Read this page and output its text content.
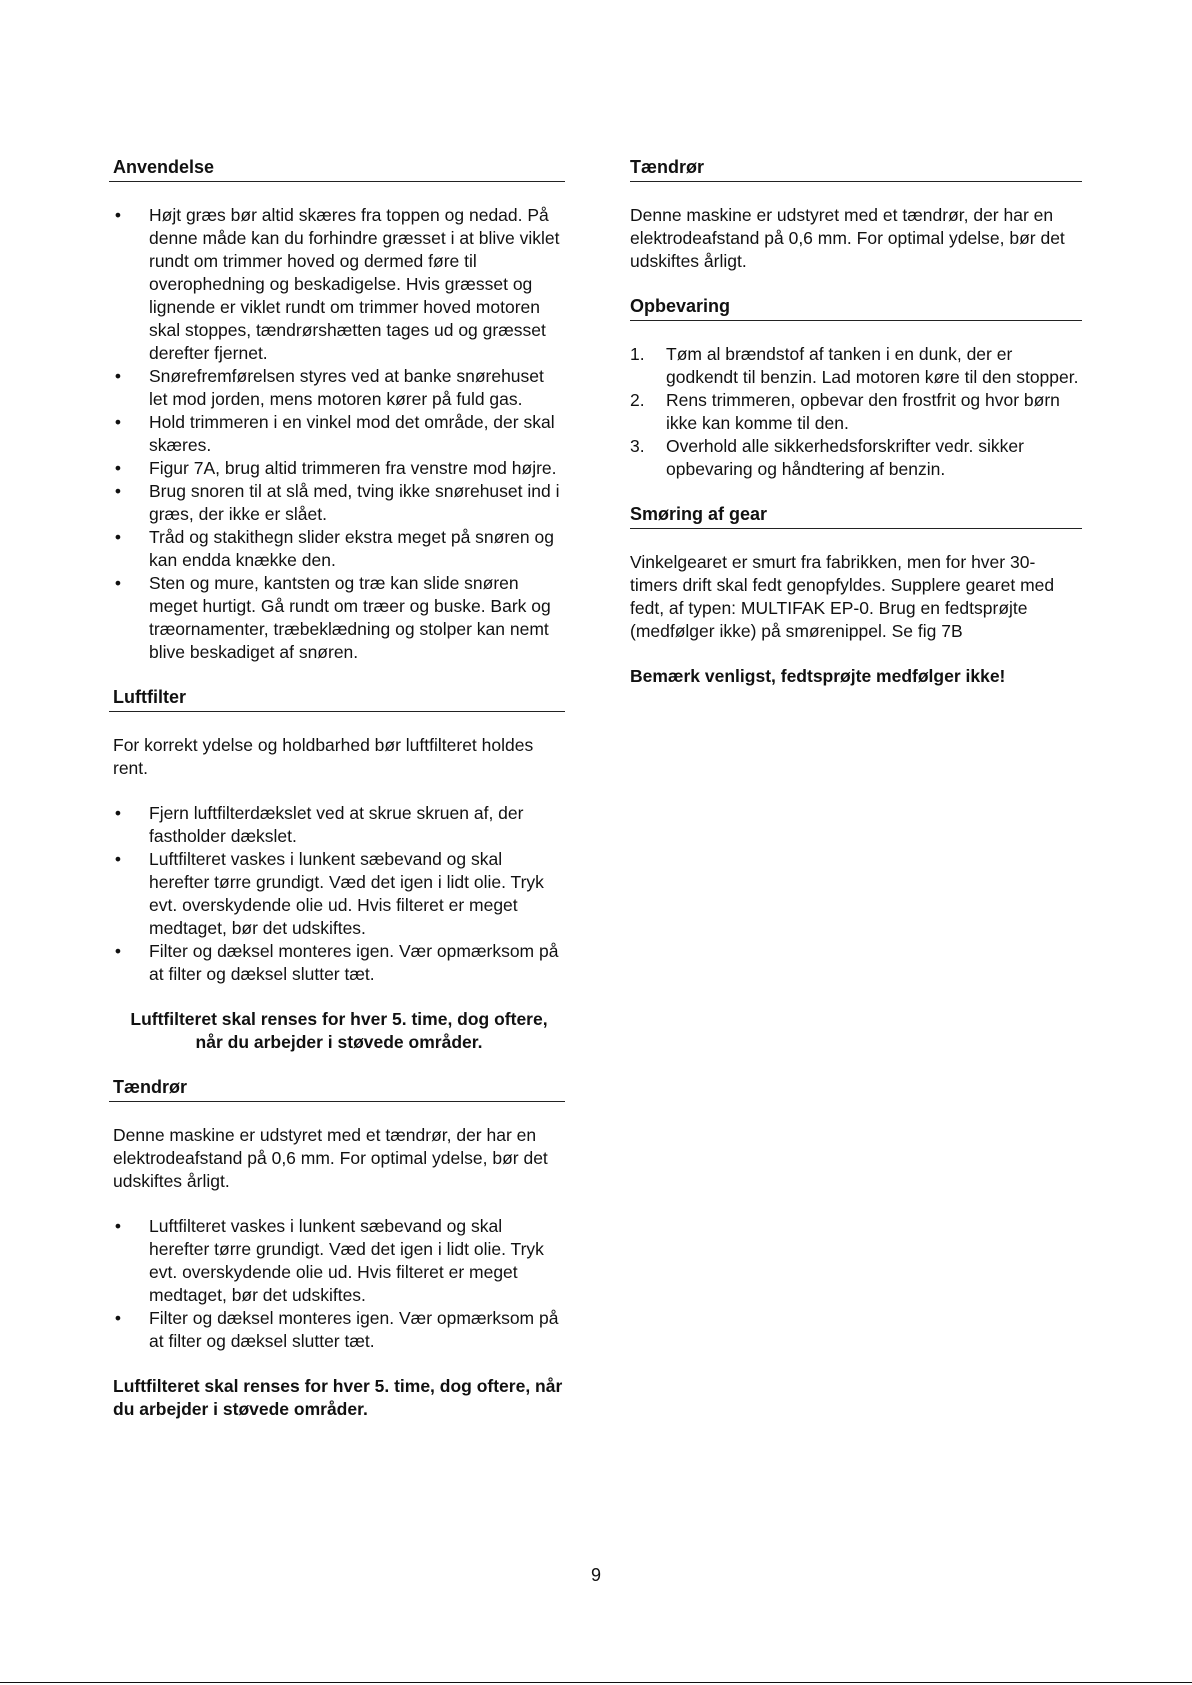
Anvendelse
• Højt græs bør altid skæres fra toppen og nedad. På denne måde kan du forhindre græsset i at blive viklet rundt om trimmer hoved og dermed føre til overophedning og beskadigelse. Hvis græsset og lignende er viklet rundt om trimmer hoved motoren skal stoppes, tændrørshætten tages ud og græsset derefter fjernet.
• Snørefremførelsen styres ved at banke snørehuset let mod jorden, mens motoren kører på fuld gas.
• Hold trimmeren i en vinkel mod det område, der skal skæres.
• Figur 7A, brug altid trimmeren fra venstre mod højre.
• Brug snoren til at slå med, tving ikke snørehuset ind i græs, der ikke er slået.
• Tråd og stakithegn slider ekstra meget på snøren og kan endda knække den.
• Sten og mure, kantsten og træ kan slide snøren meget hurtigt. Gå rundt om træer og buske. Bark og træornamenter, træbeklædning og stolper kan nemt blive beskadiget af snøren.
Luftfilter
For korrekt ydelse og holdbarhed bør luftfilteret holdes rent.
• Fjern luftfilterdækslet ved at skrue skruen af, der fastholder dækslet.
• Luftfilteret vaskes i lunkent sæbevand og skal herefter tørre grundigt. Væd det igen i lidt olie. Tryk evt. overskydende olie ud. Hvis filteret er meget medtaget, bør det udskiftes.
• Filter og dæksel monteres igen. Vær opmærksom på at filter og dæksel slutter tæt.
Luftfilteret skal renses for hver 5. time, dog oftere, når du arbejder i støvede områder.
Tændrør
Denne maskine er udstyret med et tændrør, der har en elektrodeafstand på 0,6 mm. For optimal ydelse, bør det udskiftes årligt.
• Luftfilteret vaskes i lunkent sæbevand og skal herefter tørre grundigt. Væd det igen i lidt olie. Tryk evt. overskydende olie ud. Hvis filteret er meget medtaget, bør det udskiftes.
• Filter og dæksel monteres igen. Vær opmærksom på at filter og dæksel slutter tæt.
Luftfilteret skal renses for hver 5. time, dog oftere, når du arbejder i støvede områder.
Tændrør
Denne maskine er udstyret med et tændrør, der har en elektrodeafstand på 0,6 mm. For optimal ydelse, bør det udskiftes årligt.
Opbevaring
1. Tøm al brændstof af tanken i en dunk, der er godkendt til benzin. Lad motoren køre til den stopper.
2. Rens trimmeren, opbevar den frostfrit og hvor børn ikke kan komme til den.
3. Overhold alle sikkerhedsforskrifter vedr. sikker opbevaring og håndtering af benzin.
Smøring af gear
Vinkelgearet er smurt fra fabrikken, men for hver 30-timers drift skal fedt genopfyldes. Supplere gearet med fedt, af typen: MULTIFAK EP-0. Brug en fedtsprøjte (medfølger ikke) på smørenippel. Se fig 7B
Bemærk venligst, fedtsprøjte medfølger ikke!
9
